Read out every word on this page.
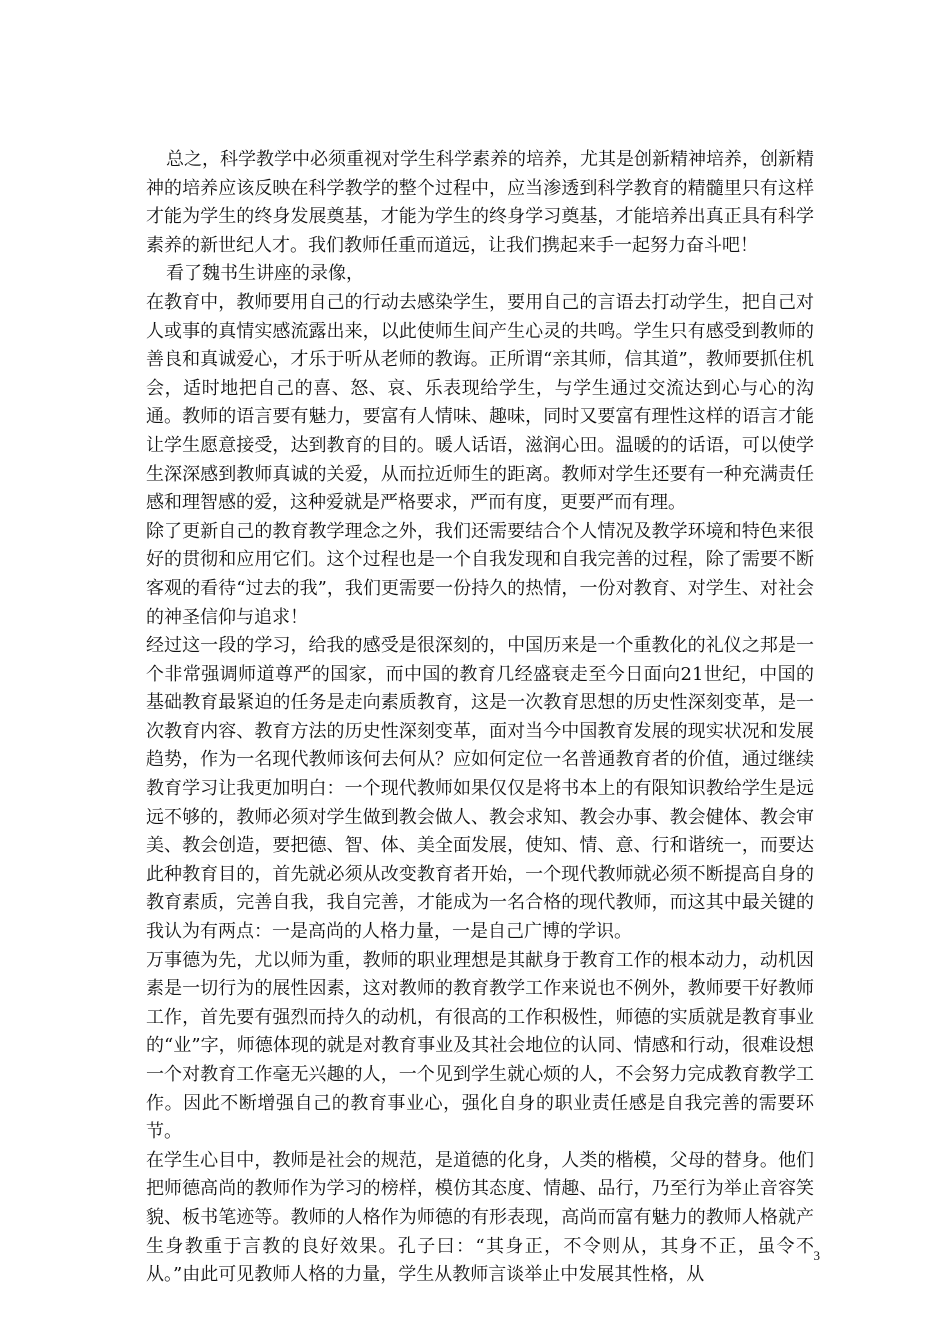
总之，科学教学中必须重视对学生科学素养的培养，尤其是创新精神培养，创新精神的培养应该反映在科学教学的整个过程中，应当渗透到科学教育的精髓里只有这样才能为学生的终身发展奠基，才能为学生的终身学习奠基，才能培养出真正具有科学素养的新世纪人才。我们教师任重而道远，让我们携起来手一起努力奋斗吧！

看了魏书生讲座的录像，

在教育中，教师要用自己的行动去感染学生，要用自己的言语去打动学生，把自己对人或事的真情实感流露出来，以此使师生间产生心灵的共鸣。学生只有感受到教师的善良和真诚爱心，才乐于听从老师的教诲。正所谓“亲其师，信其道”，教师要抓住机会，适时地把自己的喜、怒、哀、乐表现给学生，与学生通过交流达到心与心的沟通。教师的语言要有魅力，要富有人情味、趣味，同时又要富有理性这样的语言才能让学生愿意接受，达到教育的目的。暖人话语，滋润心田。温暖的的话语，可以使学生深深感到教师真诚的关爱，从而拉近师生的距离。教师对学生还要有一种充满责任感和理智感的爱，这种爱就是严格要求，严而有度，更要严而有理。

除了更新自己的教育教学理念之外，我们还需要结合个人情况及教学环境和特色来很好的贯彻和应用它们。这个过程也是一个自我发现和自我完善的过程，除了需要不断客观的看待“过去的我”，我们更需要一份持久的热情，一份对教育、对学生、对社会的神圣信仰与追求！

经过这一段的学习，给我的感受是很深刻的，中国历来是一个重教化的礼仪之邦是一个非常强调师道尊严的国家，而中国的教育几经盛衰走至今日面向21世纪，中国的基础教育最紧迫的任务是走向素质教育，这是一次教育思想的历史性深刻变革，是一次教育内容、教育方法的历史性深刻变革，面对当今中国教育发展的现实状况和发展趋势，作为一名现代教师该何去何从？应如何定位一名普通教育者的价值，通过继续教育学习让我更加明白：一个现代教师如果仅仅是将书本上的有限知识教给学生是远远不够的，教师必须对学生做到教会做人、教会求知、教会办事、教会健体、教会审美、教会创造，要把德、智、体、美全面发展，使知、情、意、行和谐统一，而要达此种教育目的，首先就必须从改变教育者开始，一个现代教师就必须不断提高自身的教育素质，完善自我，我自完善，才能成为一名合格的现代教师，而这其中最关键的我认为有两点：一是高尚的人格力量，一是自己广博的学识。

万事德为先，尤以师为重，教师的职业理想是其献身于教育工作的根本动力，动机因素是一切行为的展性因素，这对教师的教育教学工作来说也不例外，教师要干好教师工作，首先要有强烈而持久的动机，有很高的工作积极性，师德的实质就是教育事业的“业”字，师德体现的就是对教育事业及其社会地位的认同、情感和行动，很难设想一个对教育工作毫无兴趣的人，一个见到学生就心烦的人，不会努力完成教育教学工作。因此不断增强自己的教育事业心，强化自身的职业责任感是自我完善的需要环节。

在学生心目中，教师是社会的规范，是道德的化身，人类的楷模，父母的替身。他们把师德高尚的教师作为学习的榜样，模仿其态度、情趣、品行，乃至行为举止音容笑貌、板书笔迹等。教师的人格作为师德的有形表现，高尚而富有魅力的教师人格就产生身教重于言教的良好效果。孔子曰：“其身正，不令则从，其身不正，虽令不从。”由此可见教师人格的力量，学生从教师言谈举止中发展其性格，从

3
